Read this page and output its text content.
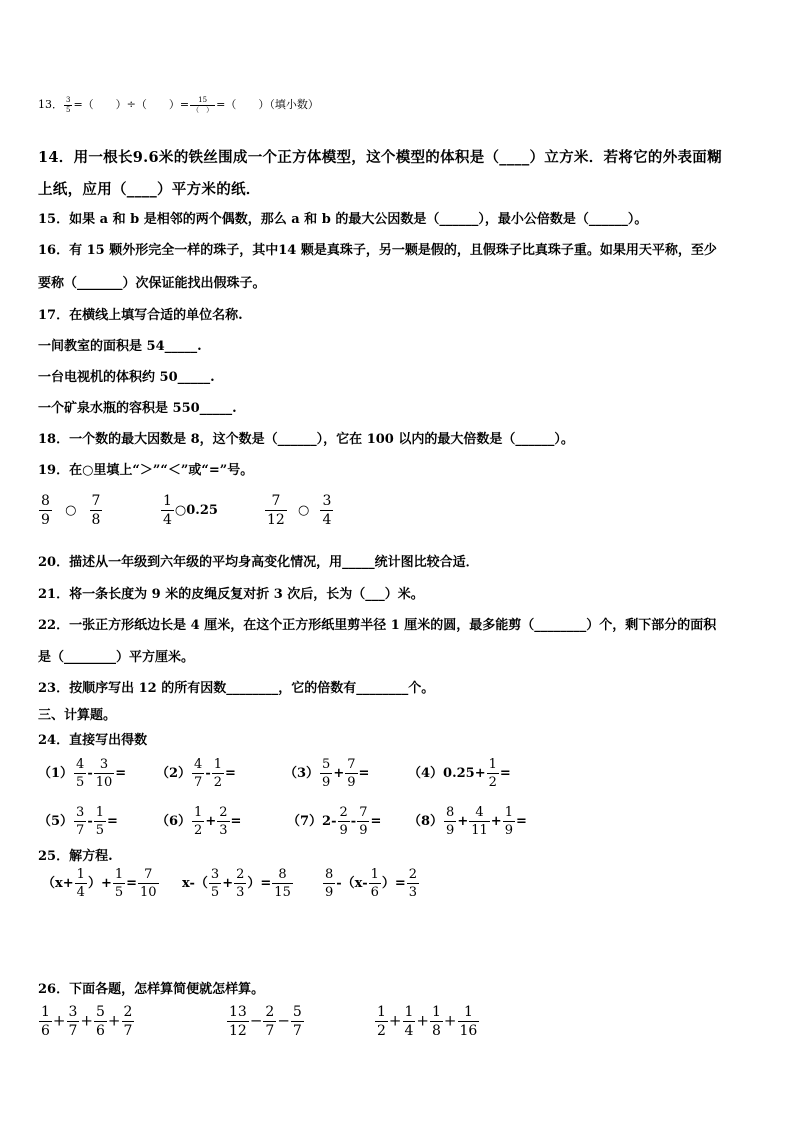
13． $\frac{3}{5}$ =（　　）÷（　　）= $\frac{15}{( )}$ =（　　）（填小数）
14．用一根长9.6米的铁丝围成一个正方体模型，这个模型的体积是（____）立方米．若将它的外表面糊
上纸，应用（____）平方米的纸．
15．如果 a 和 b 是相邻的两个偶数，那么 a 和 b 的最大公因数是（______），最小公倍数是（______）。
16．有 15 颗外形完全一样的珠子，其中14 颗是真珠子，另一颗是假的，且假珠子比真珠子重。如果用天平称，至少
要称（_______）次保证能找出假珠子。
17．在横线上填写合适的单位名称.
一间教室的面积是 54_____.
一台电视机的体积约 50_____.
一个矿泉水瓶的容积是 550_____.
18．一个数的最大因数是 8，这个数是（______），它在 100 以内的最大倍数是（______）。
19．在○里填上“＞”“＜”或“=”号。
$\frac{8}{9}$ ○ $\frac{7}{8}$	$\frac{1}{4}$ ○0.25	$\frac{7}{12}$ ○ $\frac{3}{4}$
20．描述从一年级到六年级的平均身高变化情况，用_____统计图比较合适．
21．将一条长度为 9 米的皮绳反复对折 3 次后，长为（___）米。
22．一张正方形纸边长是 4 厘米，在这个正方形纸里剪半径 1 厘米的圆，最多能剪（________）个，剩下部分的面积
是（________）平方厘米。
23．按顺序写出 12 的所有因数________，它的倍数有________个。
三、计算题。
24．直接写出得数
$(1) \frac{4}{5} - \frac{3}{10} = (2) \frac{4}{7} - \frac{1}{2}$ =	$(3) \frac{5}{9} + \frac{7}{9}$ =	$(4)0.25+ \frac{1}{2}$ =
$(5) \frac{3}{7} - \frac{1}{5}$ =	$(6) \frac{1}{2} + \frac{2}{3}$ =	$(7)2- \frac{2}{9} - \frac{7}{9} = (8) \frac{8}{9} + \frac{4}{11} + \frac{1}{9}$ =
25．解方程.
（$x+ \frac{1}{4}$ ）+ $\frac{1}{5} = \frac{7}{10} x-( \frac{3}{5} + \frac{2}{3}$ ）= $\frac{8}{15} \frac{8}{9} -(x- \frac{1}{6}$ ）= $\frac{2}{3}$
26．下面各题，怎样算简便就怎样算。
$\frac{1}{6} + \frac{3}{7} + \frac{5}{6} + \frac{2}{7}$	$\frac{13}{12} - \frac{2}{7} - \frac{5}{7}$	$\frac{1}{2} + \frac{1}{4} + \frac{1}{8} + \frac{1}{16}$
